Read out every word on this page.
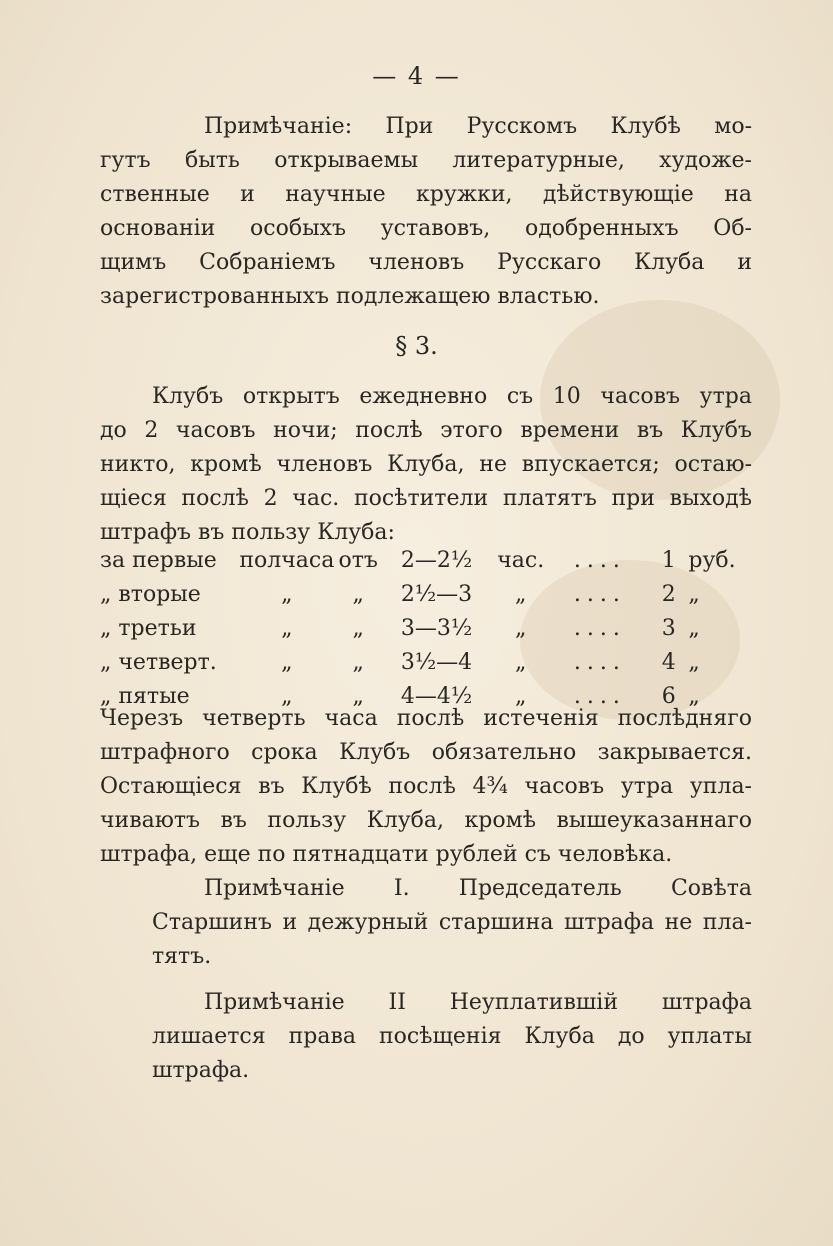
— 4 —
Примѣчаніе: При Русскомъ Клубѣ мо-
гутъ быть открываемы литературные, художе-
ственные и научные кружки, дѣйствующіе на
основаніи особыхъ уставовъ, одобренныхъ Об-
щимъ Собраніемъ членовъ Русскаго Клуба и
зарегистрованныхъ подлежащею властью.
§ 3.
Клубъ открытъ ежедневно съ 10 часовъ утра
до 2 часовъ ночи; послѣ этого времени въ Клубъ
никто, кромѣ членовъ Клуба, не впускается; остаю-
щіеся послѣ 2 час. посѣтители платятъ при выходѣ
штрафъ въ пользу Клуба:
за первые	полчаса	отъ	2—2½	час.	....	1	руб.
„ вторые	„	„	2½—3	„	....	2	„
„ третьи	„	„	3—3½	„	....	3	„
„ четверт.	„	„	3½—4	„	....	4	„
„ пятые	„	„	4—4½	„	....	6	„
Черезъ четверть часа послѣ истеченія послѣдняго
штрафного срока Клубъ обязательно закрывается.
Остающіеся въ Клубѣ послѣ 4¾ часовъ утра упла-
чиваютъ въ пользу Клуба, кромѣ вышеуказаннаго
штрафа, еще по пятнадцати рублей съ человѣка.
Примѣчаніе I. Председатель Совѣта
Старшинъ и дежурный старшина штрафа не пла-
тятъ.
Примѣчаніе II Неуплатившій штрафа
лишается права посѣщенія Клуба до уплаты
штрафа.
